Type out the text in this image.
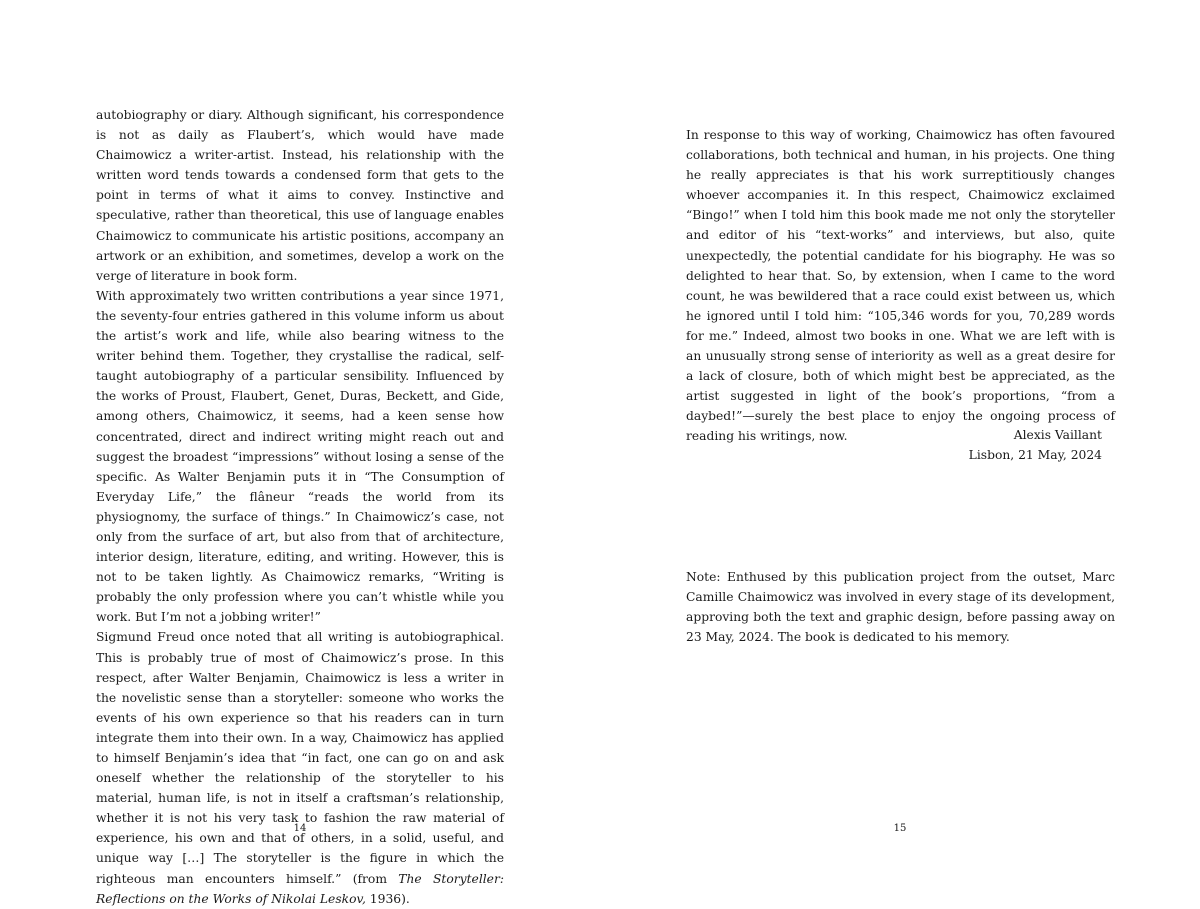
autobiography or diary. Although significant, his correspondence is not as daily as Flaubert’s, which would have made Chaimowicz a writer-artist. Instead, his relationship with the written word tends towards a condensed form that gets to the point in terms of what it aims to convey. Instinctive and speculative, rather than theoretical, this use of language enables Chaimowicz to communicate his artistic positions, accompany an artwork or an exhibition, and sometimes, develop a work on the verge of literature in book form.

With approximately two written contributions a year since 1971, the seventy-four entries gathered in this volume inform us about the artist’s work and life, while also bearing witness to the writer behind them. Together, they crystallise the radical, self-taught autobiography of a particular sensibility. Influenced by the works of Proust, Flaubert, Genet, Duras, Beckett, and Gide, among others, Chaimowicz, it seems, had a keen sense how concentrated, direct and indirect writing might reach out and suggest the broadest “impressions” without losing a sense of the specific. As Walter Benjamin puts it in “The Consumption of Everyday Life,” the flâneur “reads the world from its physiognomy, the surface of things.” In Chaimowicz’s case, not only from the surface of art, but also from that of architecture, interior design, literature, editing, and writing. However, this is not to be taken lightly. As Chaimowicz remarks, “Writing is probably the only profession where you can’t whistle while you work. But I’m not a jobbing writer!”

Sigmund Freud once noted that all writing is autobiographical. This is probably true of most of Chaimowicz’s prose. In this respect, after Walter Benjamin, Chaimowicz is less a writer in the novelistic sense than a storyteller: someone who works the events of his own experience so that his readers can in turn integrate them into their own. In a way, Chaimowicz has applied to himself Benjamin’s idea that “in fact, one can go on and ask oneself whether the relationship of the storyteller to his material, human life, is not in itself a craftsman’s relationship, whether it is not his very task to fashion the raw material of experience, his own and that of others, in a solid, useful, and unique way […] The storyteller is the figure in which the righteous man encounters himself.” (from The Storyteller: Reflections on the Works of Nikolai Leskov, 1936).

14

In response to this way of working, Chaimowicz has often favoured collaborations, both technical and human, in his projects. One thing he really appreciates is that his work surreptitiously changes whoever accompanies it. In this respect, Chaimowicz exclaimed “Bingo!” when I told him this book made me not only the storyteller and editor of his “text-works” and interviews, but also, quite unexpectedly, the potential candidate for his biography. He was so delighted to hear that. So, by extension, when I came to the word count, he was bewildered that a race could exist between us, which he ignored until I told him: “105,346 words for you, 70,289 words for me.” Indeed, almost two books in one. What we are left with is an unusually strong sense of interiority as well as a great desire for a lack of closure, both of which might best be appreciated, as the artist suggested in light of the book’s proportions, “from a daybed!”—surely the best place to enjoy the ongoing process of reading his writings, now.	Alexis Vaillant
Lisbon, 21 May, 2024

Note: Enthused by this publication project from the outset, Marc Camille Chaimowicz was involved in every stage of its development, approving both the text and graphic design, before passing away on 23 May, 2024. The book is dedicated to his memory.

15
